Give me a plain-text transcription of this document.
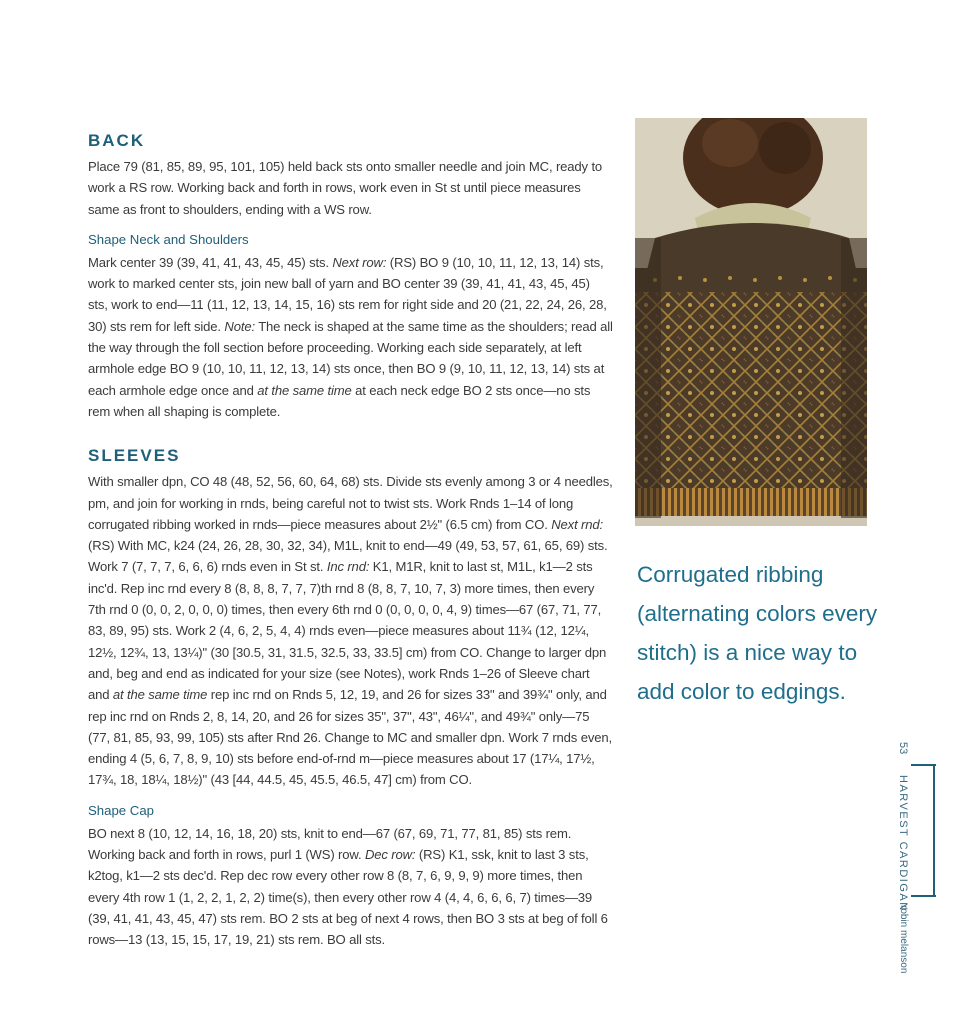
BACK

Place 79 (81, 85, 89, 95, 101, 105) held back sts onto smaller needle and join MC, ready to work a RS row. Working back and forth in rows, work even in St st until piece measures same as front to shoulders, ending with a WS row.

Shape Neck and Shoulders

Mark center 39 (39, 41, 41, 43, 45, 45) sts. Next row: (RS) BO 9 (10, 10, 11, 12, 13, 14) sts, work to marked center sts, join new ball of yarn and BO center 39 (39, 41, 41, 43, 45, 45) sts, work to end—11 (11, 12, 13, 14, 15, 16) sts rem for right side and 20 (21, 22, 24, 26, 28, 30) sts rem for left side. Note: The neck is shaped at the same time as the shoulders; read all the way through the foll section before proceeding. Working each side separately, at left armhole edge BO 9 (10, 10, 11, 12, 13, 14) sts once, then BO 9 (9, 10, 11, 12, 13, 14) sts at each armhole edge once and at the same time at each neck edge BO 2 sts once—no sts rem when all shaping is complete.

SLEEVES

With smaller dpn, CO 48 (48, 52, 56, 60, 64, 68) sts. Divide sts evenly among 3 or 4 needles, pm, and join for working in rnds, being careful not to twist sts. Work Rnds 1–14 of long corrugated ribbing worked in rnds—piece measures about 2½" (6.5 cm) from CO. Next rnd: (RS) With MC, k24 (24, 26, 28, 30, 32, 34), M1L, knit to end—49 (49, 53, 57, 61, 65, 69) sts. Work 7 (7, 7, 7, 6, 6, 6) rnds even in St st. Inc rnd: K1, M1R, knit to last st, M1L, k1—2 sts inc'd. Rep inc rnd every 8 (8, 8, 8, 7, 7, 7)th rnd 8 (8, 8, 7, 10, 7, 3) more times, then every 7th rnd 0 (0, 0, 2, 0, 0, 0) times, then every 6th rnd 0 (0, 0, 0, 0, 4, 9) times—67 (67, 71, 77, 83, 89, 95) sts. Work 2 (4, 6, 2, 5, 4, 4) rnds even—piece measures about 11¾ (12, 12¼, 12½, 12¾, 13, 13¼)" (30 [30.5, 31, 31.5, 32.5, 33, 33.5] cm) from CO. Change to larger dpn and, beg and end as indicated for your size (see Notes), work Rnds 1–26 of Sleeve chart and at the same time rep inc rnd on Rnds 5, 12, 19, and 26 for sizes 33" and 39¾" only, and rep inc rnd on Rnds 2, 8, 14, 20, and 26 for sizes 35", 37", 43", 46¼", and 49¾" only—75 (77, 81, 85, 93, 99, 105) sts after Rnd 26. Change to MC and smaller dpn. Work 7 rnds even, ending 4 (5, 6, 7, 8, 9, 10) sts before end-of-rnd m—piece measures about 17 (17¼, 17½, 17¾, 18, 18¼, 18½)" (43 [44, 44.5, 45, 45.5, 46.5, 47] cm) from CO.

Shape Cap

BO next 8 (10, 12, 14, 16, 18, 20) sts, knit to end—67 (67, 69, 71, 77, 81, 85) sts rem. Working back and forth in rows, purl 1 (WS) row. Dec row: (RS) K1, ssk, knit to last 3 sts, k2tog, k1—2 sts dec'd. Rep dec row every other row 8 (8, 7, 6, 9, 9, 9) more times, then every 4th row 1 (1, 2, 2, 1, 2, 2) time(s), then every other row 4 (4, 4, 6, 6, 6, 7) times—39 (39, 41, 41, 43, 45, 47) sts rem. BO 2 sts at beg of next 4 rows, then BO 3 sts at beg of foll 6 rows—13 (13, 15, 15, 17, 19, 21) sts rem. BO all sts.

Corrugated ribbing (alternating colors every stitch) is a nice way to add color to edgings.
53
HARVEST CARDIGAN
robin melanson
